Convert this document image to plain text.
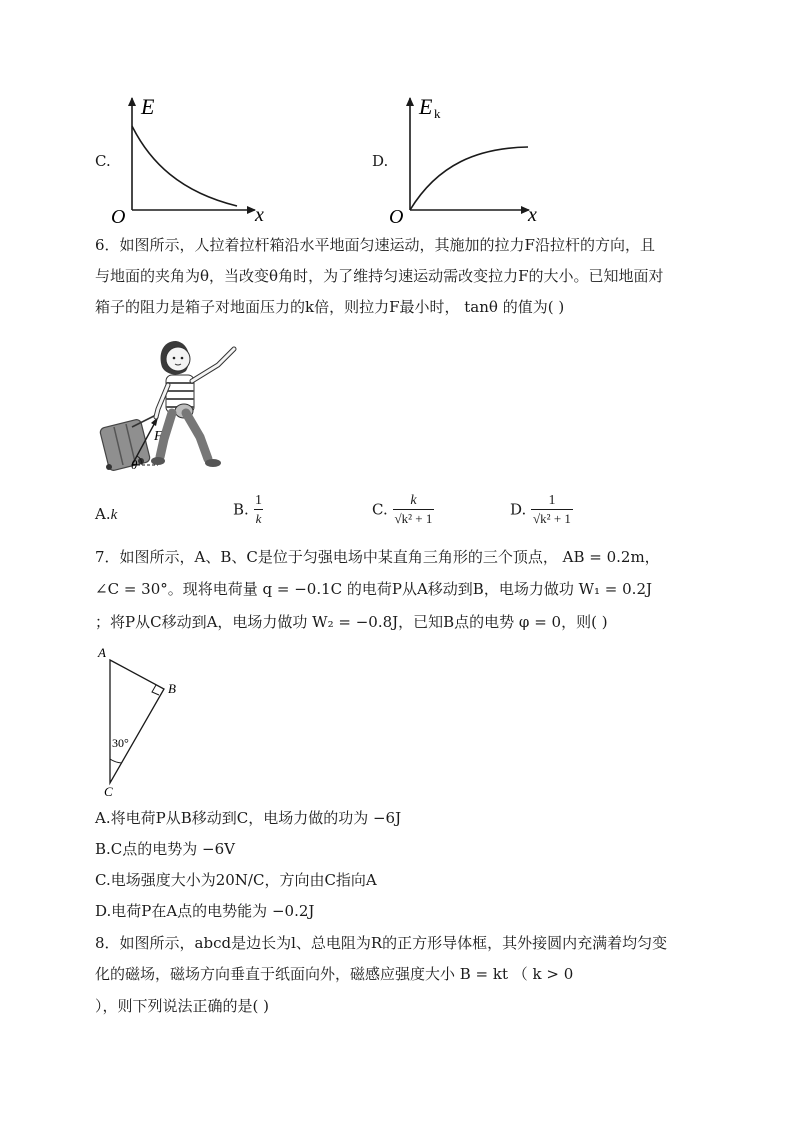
C.
E
x
O
D.
E k
x
O
6．如图所示，人拉着拉杆箱沿水平地面匀速运动，其施加的拉力F沿拉杆的方向，且
与地面的夹角为θ，当改变θ角时，为了维持匀速运动需改变拉力F的大小。已知地面对
箱子的阻力是箱子对地面压力的k倍，则拉力F最小时， tanθ 的值为( )
F
θ
A.k	B. $\frac{1}{k}$	C. $\frac{k}{\text{√k² + 1}}$	D. $\frac{1}{\text{√k² + 1}}$
7．如图所示，A、B、C是位于匀强电场中某直角三角形的三个顶点， AB = 0.2m，
∠C = 30°。现将电荷量 q = −0.1C 的电荷P从A移动到B，电场力做功 W₁ = 0.2J
；将P从C移动到A，电场力做功 W₂ = −0.8J，已知B点的电势 φ = 0，则( )
A
B
C
30°
A.将电荷P从B移动到C，电场力做的功为 −6J
B.C点的电势为 −6V
C.电场强度大小为20N/C，方向由C指向A
D.电荷P在A点的电势能为 −0.2J
8．如图所示，abcd是边长为l、总电阻为R的正方形导体框，其外接圆内充满着均匀变
化的磁场，磁场方向垂直于纸面向外，磁感应强度大小 B = kt （ k > 0
），则下列说法正确的是( )
